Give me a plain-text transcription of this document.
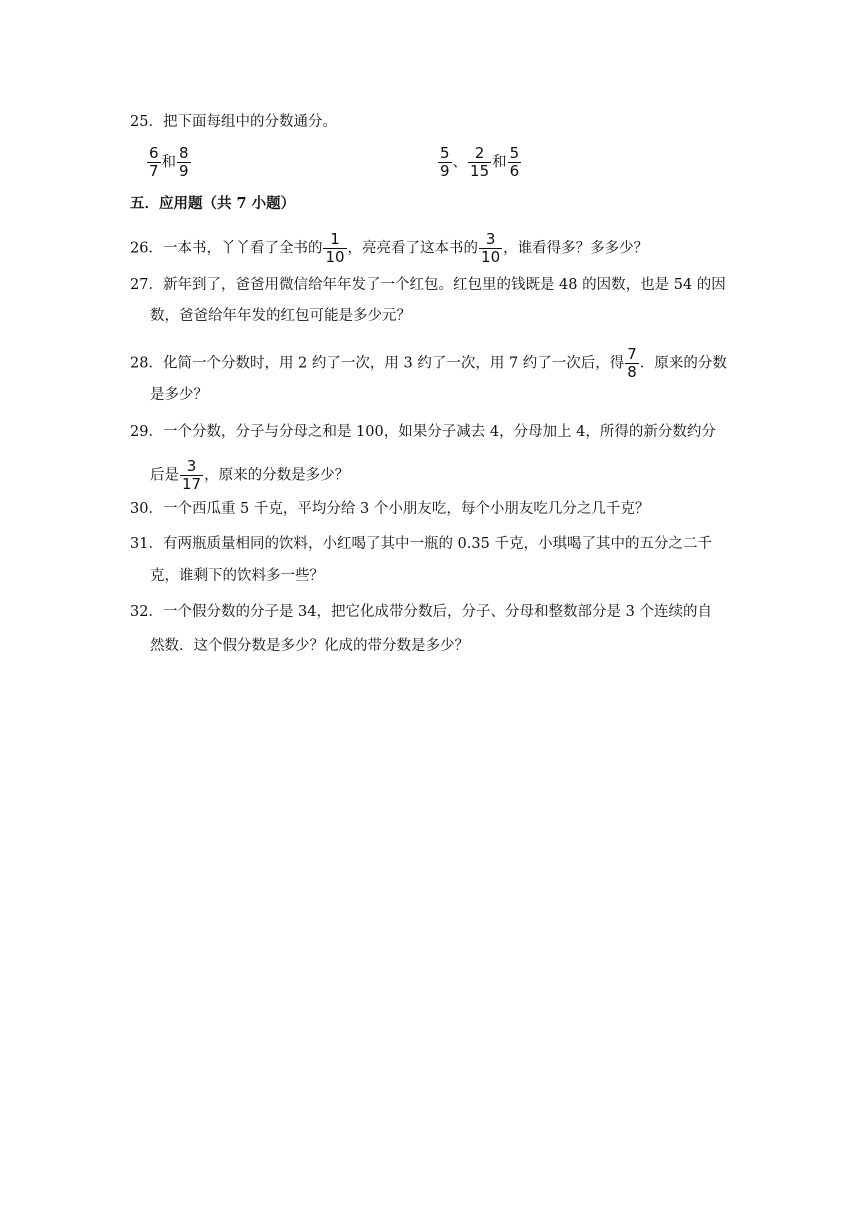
25．把下面每组中的分数通分。
$\frac{6}{7}$ 和 $\frac{8}{9}$	$\frac{5}{9}$ 、 $\frac{2}{15}$ 和 $\frac{5}{6}$
五．应用题（共 7 小题）
26．一本书，丫丫看了全书的 $\frac{1}{10}$ ，亮亮看了这本书的 $\frac{3}{10}$ ，谁看得多？多多少？
27．新年到了，爸爸用微信给年年发了一个红包。红包里的钱既是 48 的因数，也是 54 的因
数，爸爸给年年发的红包可能是多少元？
28．化简一个分数时，用 2 约了一次，用 3 约了一次，用 7 约了一次后，得 $\frac{7}{8}$ ．原来的分数
是多少？
29．一个分数，分子与分母之和是 100，如果分子减去 4，分母加上 4，所得的新分数约分
后是 $\frac{3}{17}$ ，原来的分数是多少？
30．一个西瓜重 5 千克，平均分给 3 个小朋友吃，每个小朋友吃几分之几千克？
31．有两瓶质量相同的饮料，小红喝了其中一瓶的 0.35 千克，小琪喝了其中的五分之二千
克，谁剩下的饮料多一些？
32．一个假分数的分子是 34，把它化成带分数后，分子、分母和整数部分是 3 个连续的自
然数．这个假分数是多少？化成的带分数是多少？
